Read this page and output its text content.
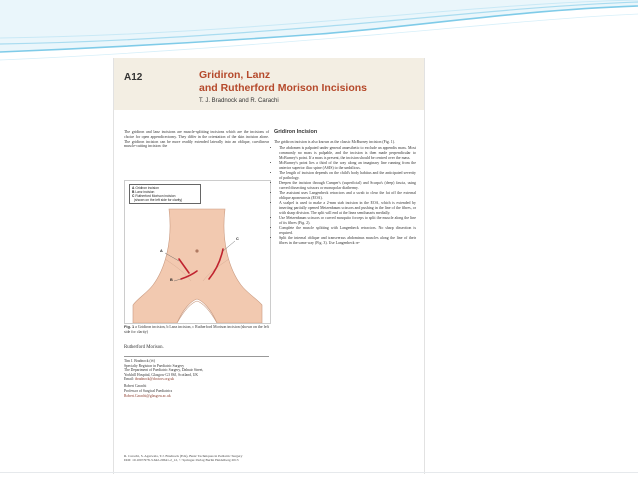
A12	Gridiron, Lanz
and Rutherford Morison Incisions
T. J. Bradnock and R. Carachi

The gridiron and lanz incisions are muscle-splitting incisions which are the incisions of choice for open appendicectomy. They differ in the orientation of the skin incision alone. The gridiron incision can be more readily extended laterally into an oblique, curvilinear muscle-cutting incision: the

A Gridiron incision
B Lanz incision
C Rutherford Morison incision
(shown on the left side for clarity)
A
B
C
Fig. 1 a Gridiron incision, b Lanz incision, c Rutherford Morison incision (shown on the left side for clarity)
Rutherford Morison.

Tim J. Bradnock (✉)
Specialty Registrar in Paediatric Surgery
The Department of Paediatric Surgery, Dalnair Street,
Yorkhill Hospital, Glasgow G3 8SJ, Scotland, UK
Email: tbradnock@doctors.org.uk

Robert Carachi
Professor of Surgical Paediatrics
Robert.Carachi@glasgow.ac.uk

Gridiron Incision

The gridiron incision is also known as the classic McBurney incision (Fig. 1).

• The abdomen is palpated under general anaesthetic to exclude an appendix mass. Most commonly no mass is palpable, and the incision is then made perpendicular to McBurney's point. If a mass is present, the incision should be centred over the mass.
• McBurney's point lies a third of the way along an imaginary line running from the anterior superior iliac spine (ASIS) to the umbilicus.
• The length of incision depends on the child's body habitus and the anticipated severity of pathology.
• Deepen the incision through Camper's (superficial) and Scarpa's (deep) fascia, using curved dissecting scissors or monopolar diathermy.
• The assistant uses Langenbeck retractors and a swab to clear the fat off the external oblique aponeurosis (EOA).
• A scalpel is used to make a 2-mm stab incision in the EOA, which is extended by inserting partially opened Metzenbaum scissors and pushing in the line of the fibres, or with sharp division. The split will end at the linea semilunaris medially.
• Use Metzenbaum scissors or curved mosquito forceps to split the muscle along the line of its fibres (Fig. 2).
• Complete the muscle splitting with Langenbeck retractors. No sharp dissection is required.
• Split the internal oblique and transversus abdominus muscles along the line of their fibres in the same way (Fig. 3). Use Langenbeck re-
R. Carachi, S. Agarwala, T.J. Bradnock (Eds), Basic Techniques in Pediatric Surgery
DOI: 10.1007/978-3-642-20641-2_12, © Springer-Verlag Berlin Heidelberg 2013
